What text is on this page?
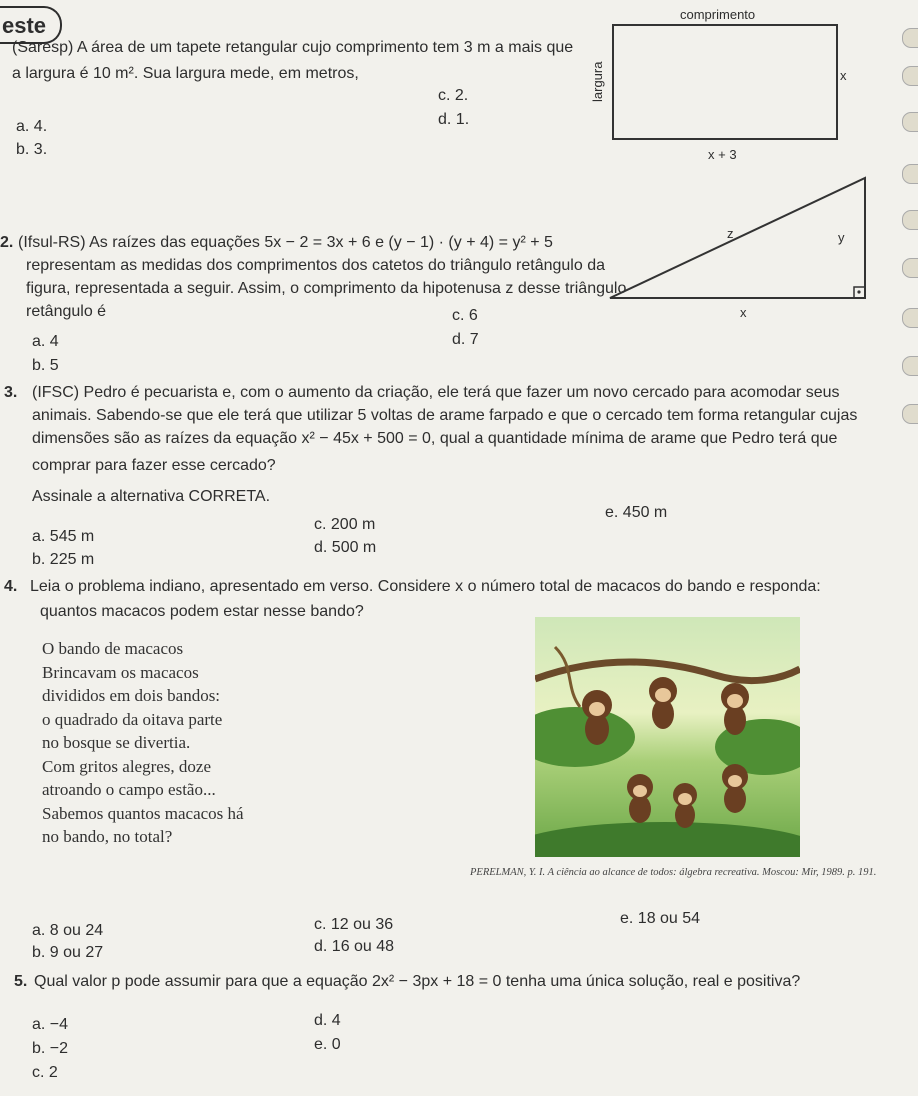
este
(Saresp) A área de um tapete retangular cujo comprimento tem 3 m a mais que
a largura é 10 m². Sua largura mede, em metros,
c. 2.
a. 4.	d. 1.
b. 3.
comprimento
largura	x
x + 3
2. (Ifsul-RS) As raízes das equações 5x − 2 = 3x + 6 e (y − 1) · (y + 4) = y² + 5
representam as medidas dos comprimentos dos catetos do triângulo retângulo da
figura, representada a seguir. Assim, o comprimento da hipotenusa z desse triângulo
retângulo é	c. 6
a. 4	d. 7
b. 5
z	y
x
3. (IFSC) Pedro é pecuarista e, com o aumento da criação, ele terá que fazer um novo cercado para acomodar seus
animais. Sabendo-se que ele terá que utilizar 5 voltas de arame farpado e que o cercado tem forma retangular cujas
dimensões são as raízes da equação x² − 45x + 500 = 0, qual a quantidade mínima de arame que Pedro terá que
comprar para fazer esse cercado?
Assinale a alternativa CORRETA.
e. 450 m
c. 200 m
a. 545 m
d. 500 m
b. 225 m
4. Leia o problema indiano, apresentado em verso. Considere x o número total de macacos do bando e responda:
quantos macacos podem estar nesse bando?
O bando de macacos
Brincavam os macacos
divididos em dois bandos:
o quadrado da oitava parte
no bosque se divertia.
Com gritos alegres, doze
atroando o campo estão...
Sabemos quantos macacos há
no bando, no total?
PERELMAN, Y. I. A ciência ao alcance de todos: álgebra recreativa. Moscou: Mir, 1989. p. 191.
e. 18 ou 54
a. 8 ou 24	c. 12 ou 36
b. 9 ou 27	d. 16 ou 48
5. Qual valor p pode assumir para que a equação 2x² − 3px + 18 = 0 tenha uma única solução, real e positiva?
a. −4	d. 4
b. −2	e. 0
c. 2
